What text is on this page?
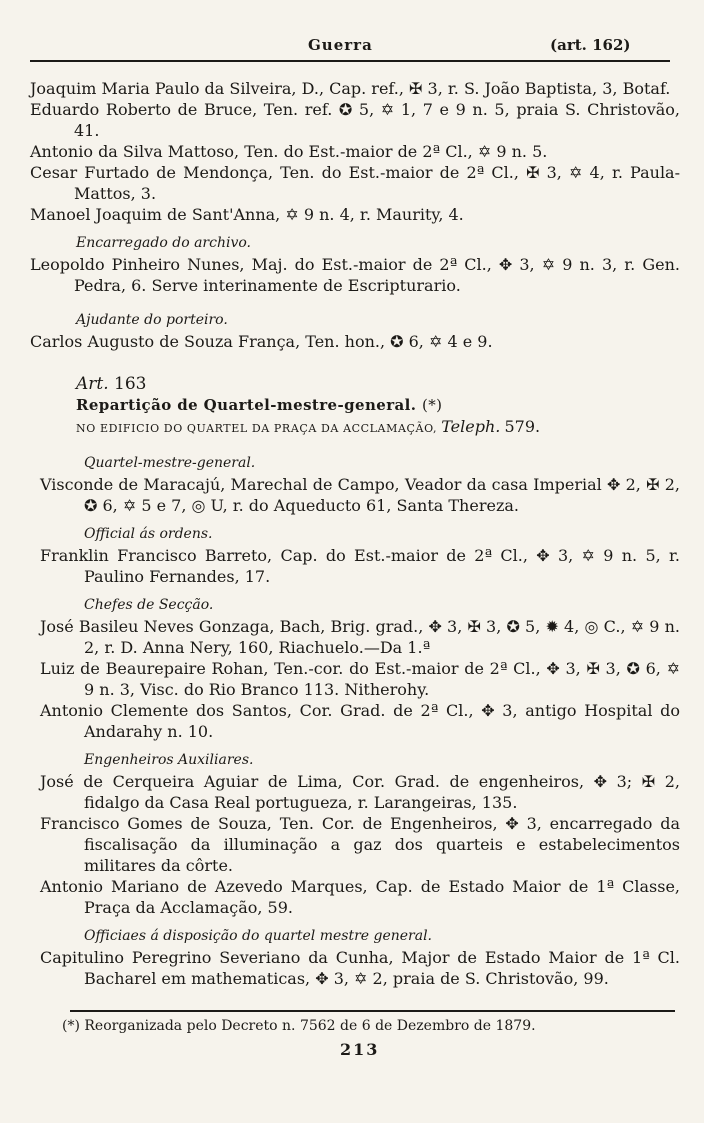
Guerra	(art. 162)
Joaquim Maria Paulo da Silveira, D., Cap. ref., ✠ 3, r. S. João Baptista, 3, Botaf.
Eduardo Roberto de Bruce, Ten. ref. ✪ 5, ✡ 1, 7 e 9 n. 5, praia S. Christovão, 41.
Antonio da Silva Mattoso, Ten. do Est.-maior de 2ª Cl., ✡ 9 n. 5.
Cesar Furtado de Mendonça, Ten. do Est.-maior de 2ª Cl., ✠ 3, ✡ 4, r. Paula-Mattos, 3.
Manoel Joaquim de Sant'Anna, ✡ 9 n. 4, r. Maurity, 4.
Encarregado do archivo.
Leopoldo Pinheiro Nunes, Maj. do Est.-maior de 2ª Cl., ✥ 3, ✡ 9 n. 3, r. Gen. Pedra, 6. Serve interinamente de Escripturario.
Ajudante do porteiro.
Carlos Augusto de Souza França, Ten. hon., ✪ 6, ✡ 4 e 9.
Art. 163
Repartição de Quartel-mestre-general. (*)
NO EDIFICIO DO QUARTEL DA PRAÇA DA ACCLAMAÇÃO, Teleph. 579.
Quartel-mestre-general.
Visconde de Maracajú, Marechal de Campo, Veador da casa Imperial ✥ 2, ✠ 2, ✪ 6, ✡ 5 e 7, ◎ U, r. do Aqueducto 61, Santa Thereza.
Official ás ordens.
Franklin Francisco Barreto, Cap. do Est.-maior de 2ª Cl., ✥ 3, ✡ 9 n. 5, r. Paulino Fernandes, 17.
Chefes de Secção.
José Basileu Neves Gonzaga, Bach, Brig. grad., ✥ 3, ✠ 3, ✪ 5, ✹ 4, ◎ C., ✡ 9 n. 2, r. D. Anna Nery, 160, Riachuelo.—Da 1.ª
Luiz de Beaurepaire Rohan, Ten.-cor. do Est.-maior de 2ª Cl., ✥ 3, ✠ 3, ✪ 6, ✡ 9 n. 3, Visc. do Rio Branco 113. Nitherohy.
Antonio Clemente dos Santos, Cor. Grad. de 2ª Cl., ✥ 3, antigo Hospital do Andarahy n. 10.
Engenheiros Auxiliares.
José de Cerqueira Aguiar de Lima, Cor. Grad. de engenheiros, ✥ 3; ✠ 2, fidalgo da Casa Real portugueza, r. Larangeiras, 135.
Francisco Gomes de Souza, Ten. Cor. de Engenheiros, ✥ 3, encarregado da fiscalisação da illuminação a gaz dos quarteis e estabelecimentos militares da côrte.
Antonio Mariano de Azevedo Marques, Cap. de Estado Maior de 1ª Classe, Praça da Acclamação, 59.
Officiaes á disposição do quartel mestre general.
Capitulino Peregrino Severiano da Cunha, Major de Estado Maior de 1ª Cl. Bacharel em mathematicas, ✥ 3, ✡ 2, praia de S. Christovão, 99.
(*) Reorganizada pelo Decreto n. 7562 de 6 de Dezembro de 1879.
213
